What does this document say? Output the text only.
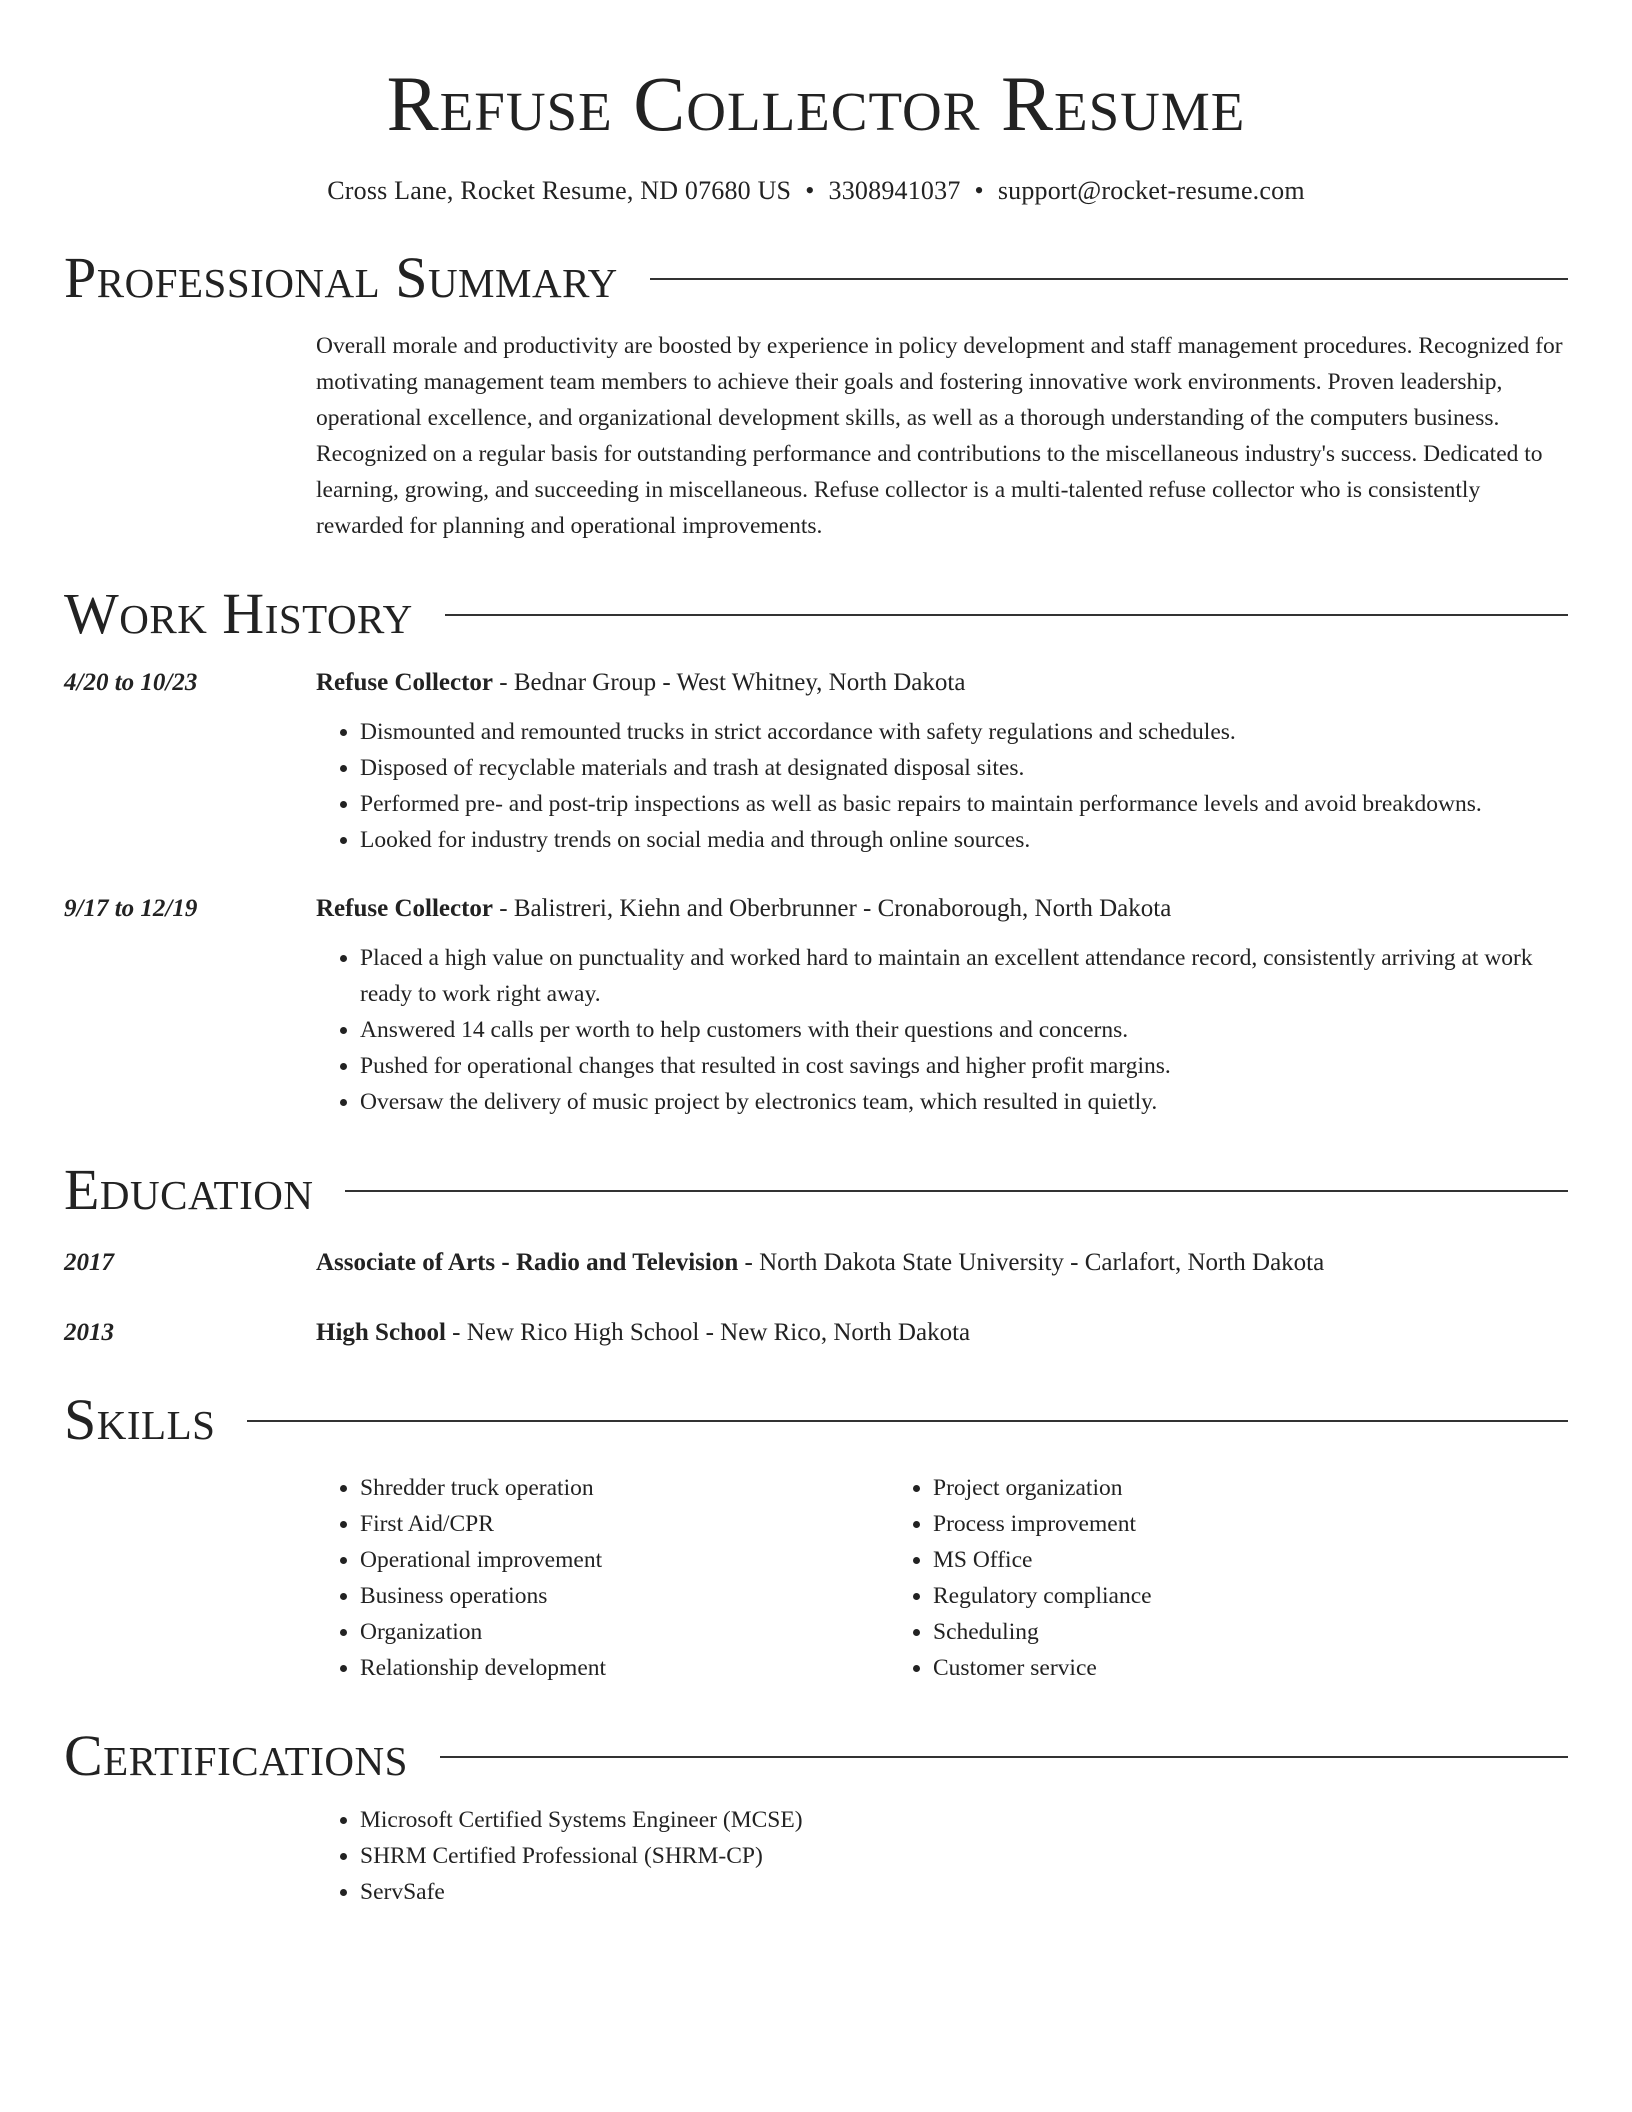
Refuse Collector Resume
Cross Lane, Rocket Resume, ND 07680 US • 3308941037 • support@rocket-resume.com
Professional Summary
Overall morale and productivity are boosted by experience in policy development and staff management procedures. Recognized for motivating management team members to achieve their goals and fostering innovative work environments. Proven leadership, operational excellence, and organizational development skills, as well as a thorough understanding of the computers business. Recognized on a regular basis for outstanding performance and contributions to the miscellaneous industry's success. Dedicated to learning, growing, and succeeding in miscellaneous. Refuse collector is a multi-talented refuse collector who is consistently rewarded for planning and operational improvements.
Work History
4/20 to 10/23	Refuse Collector - Bednar Group - West Whitney, North Dakota
• Dismounted and remounted trucks in strict accordance with safety regulations and schedules.
• Disposed of recyclable materials and trash at designated disposal sites.
• Performed pre- and post-trip inspections as well as basic repairs to maintain performance levels and avoid breakdowns.
• Looked for industry trends on social media and through online sources.
9/17 to 12/19	Refuse Collector - Balistreri, Kiehn and Oberbrunner - Cronaborough, North Dakota
• Placed a high value on punctuality and worked hard to maintain an excellent attendance record, consistently arriving at work ready to work right away.
• Answered 14 calls per worth to help customers with their questions and concerns.
• Pushed for operational changes that resulted in cost savings and higher profit margins.
• Oversaw the delivery of music project by electronics team, which resulted in quietly.
Education
2017	Associate of Arts - Radio and Television - North Dakota State University - Carlafort, North Dakota
2013	High School - New Rico High School - New Rico, North Dakota
Skills
• Shredder truck operation
• First Aid/CPR
• Operational improvement
• Business operations
• Organization
• Relationship development
• Project organization
• Process improvement
• MS Office
• Regulatory compliance
• Scheduling
• Customer service
Certifications
• Microsoft Certified Systems Engineer (MCSE)
• SHRM Certified Professional (SHRM-CP)
• ServSafe
